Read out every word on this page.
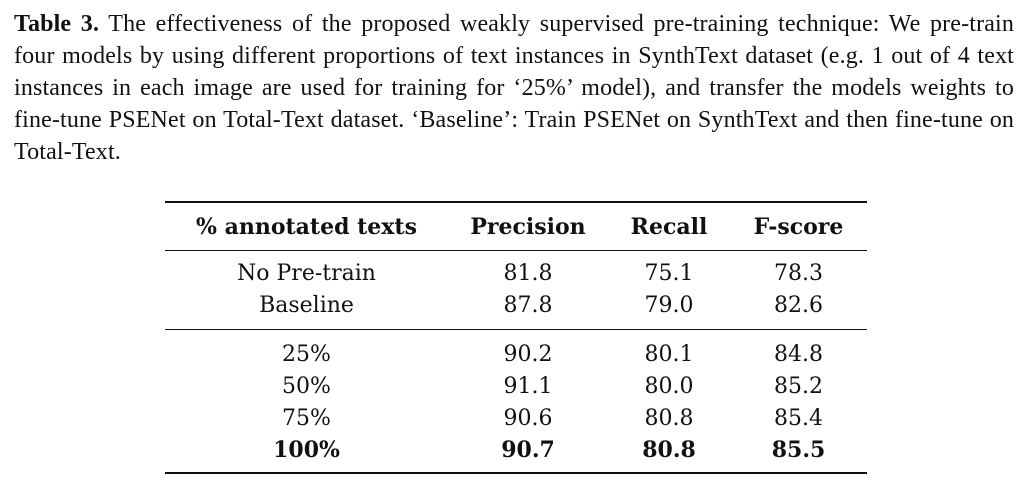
Table 3. The effectiveness of the proposed weakly supervised pre-training technique: We pre-train four models by using different proportions of text instances in SynthText dataset (e.g. 1 out of 4 text instances in each image are used for training for ‘25%’ model), and transfer the models weights to fine-tune PSENet on Total-Text dataset. ‘Baseline’: Train PSENet on SynthText and then fine-tune on Total-Text.
% annotated texts	Precision	Recall	F-score
No Pre-train	81.8	75.1	78.3
Baseline	87.8	79.0	82.6
25%	90.2	80.1	84.8
50%	91.1	80.0	85.2
75%	90.6	80.8	85.4
100%	90.7	80.8	85.5
